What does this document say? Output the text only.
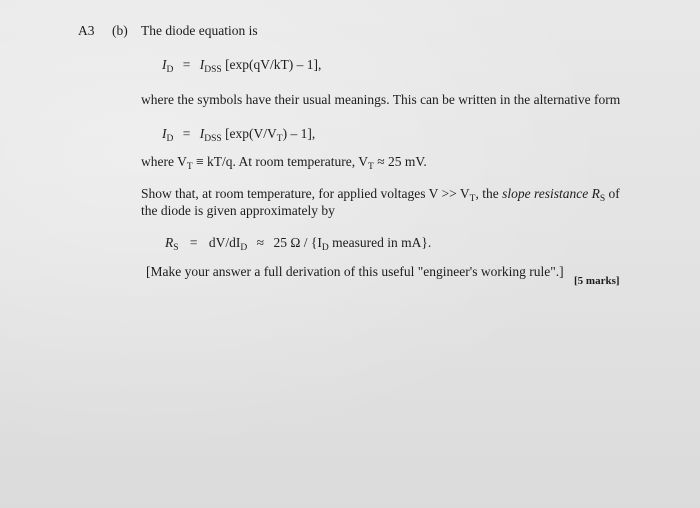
A3 (b) The diode equation is
$I_D = I_{DSS}$ [exp(qV/kT) – 1],
where the symbols have their usual meanings. This can be written in the alternative form
$I_D = I_{DSS}$ $[\exp(V/V_T) - 1]$,
where $V_T \equiv kT/q$. At room temperature, $V_T \approx 25$ mV.
Show that, at room temperature, for applied voltages $V >> V_T$, the slope resistance $R_S$ of
the diode is given approximately by
$R_S = dV/dI_D \approx 25$ Ω / {$I_D$ measured in mA}.
[Make your answer a full derivation of this useful "engineer's working rule".]
[5 marks]
